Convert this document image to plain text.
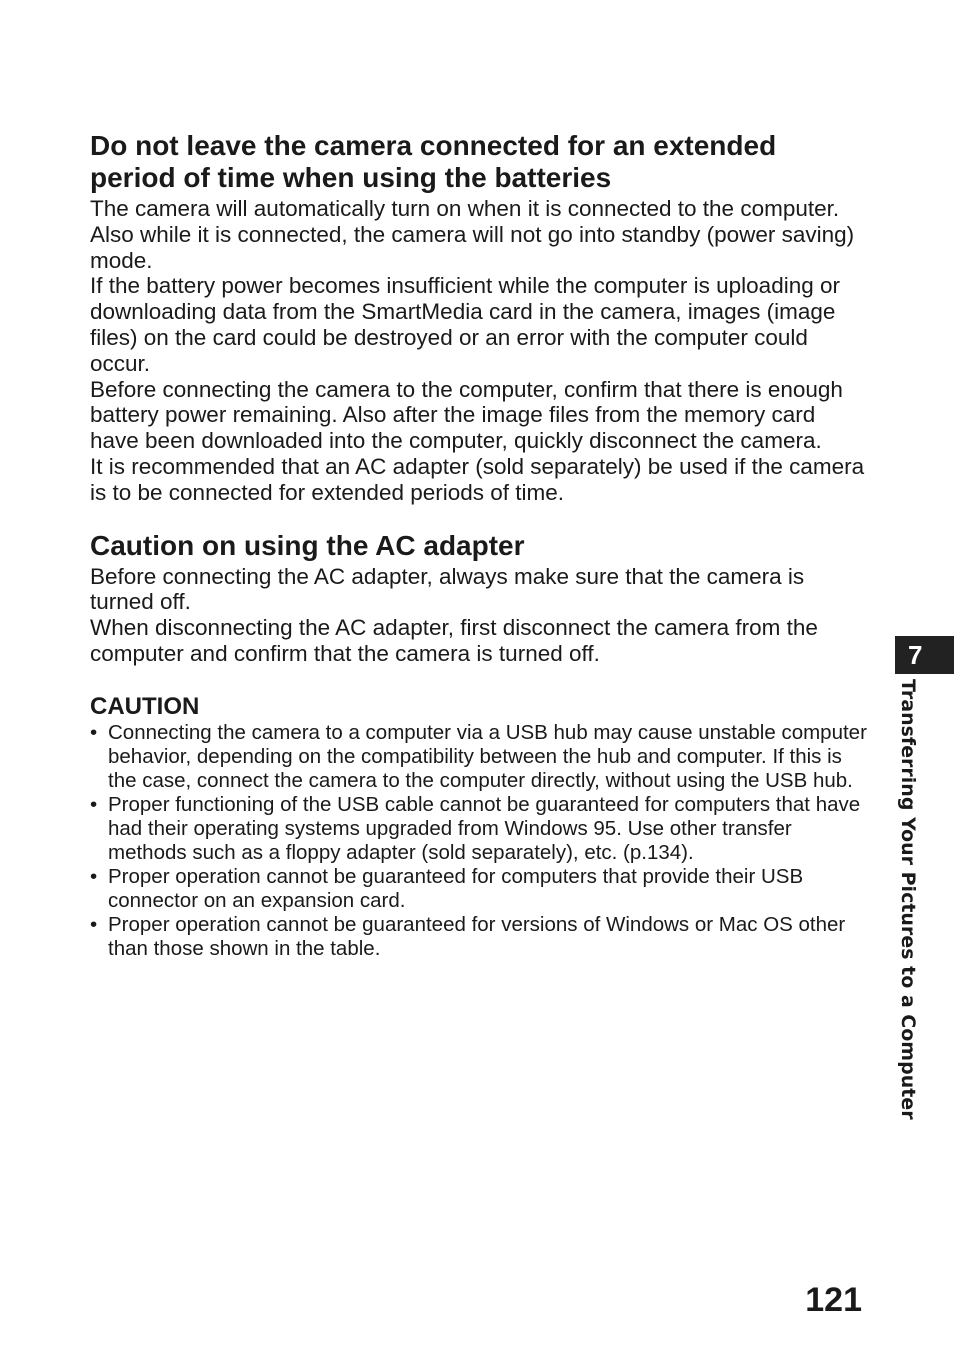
Do not leave the camera connected for an extended
period of time when using the batteries

The camera will automatically turn on when it is connected to the computer. Also while it is connected, the camera will not go into standby (power saving) mode.

If the battery power becomes insufficient while the computer is uploading or downloading data from the SmartMedia card in the camera, images (image files) on the card could be destroyed or an error with the computer could occur.

Before connecting the camera to the computer, confirm that there is enough battery power remaining. Also after the image files from the memory card have been downloaded into the computer, quickly disconnect the camera.

It is recommended that an AC adapter (sold separately) be used if the camera is to be connected for extended periods of time.

Caution on using the AC adapter

Before connecting the AC adapter, always make sure that the camera is turned off.

When disconnecting the AC adapter, first disconnect the camera from the computer and confirm that the camera is turned off.

CAUTION
• Connecting the camera to a computer via a USB hub may cause unstable computer behavior, depending on the compatibility between the hub and computer. If this is the case, connect the camera to the computer directly, without using the USB hub.
• Proper functioning of the USB cable cannot be guaranteed for computers that have had their operating systems upgraded from Windows 95. Use other transfer methods such as a floppy adapter (sold separately), etc. (p.134).
• Proper operation cannot be guaranteed for computers that provide their USB connector on an expansion card.
• Proper operation cannot be guaranteed for versions of Windows or Mac OS other than those shown in the table.
7
Transferring Your Pictures to a Computer
121
